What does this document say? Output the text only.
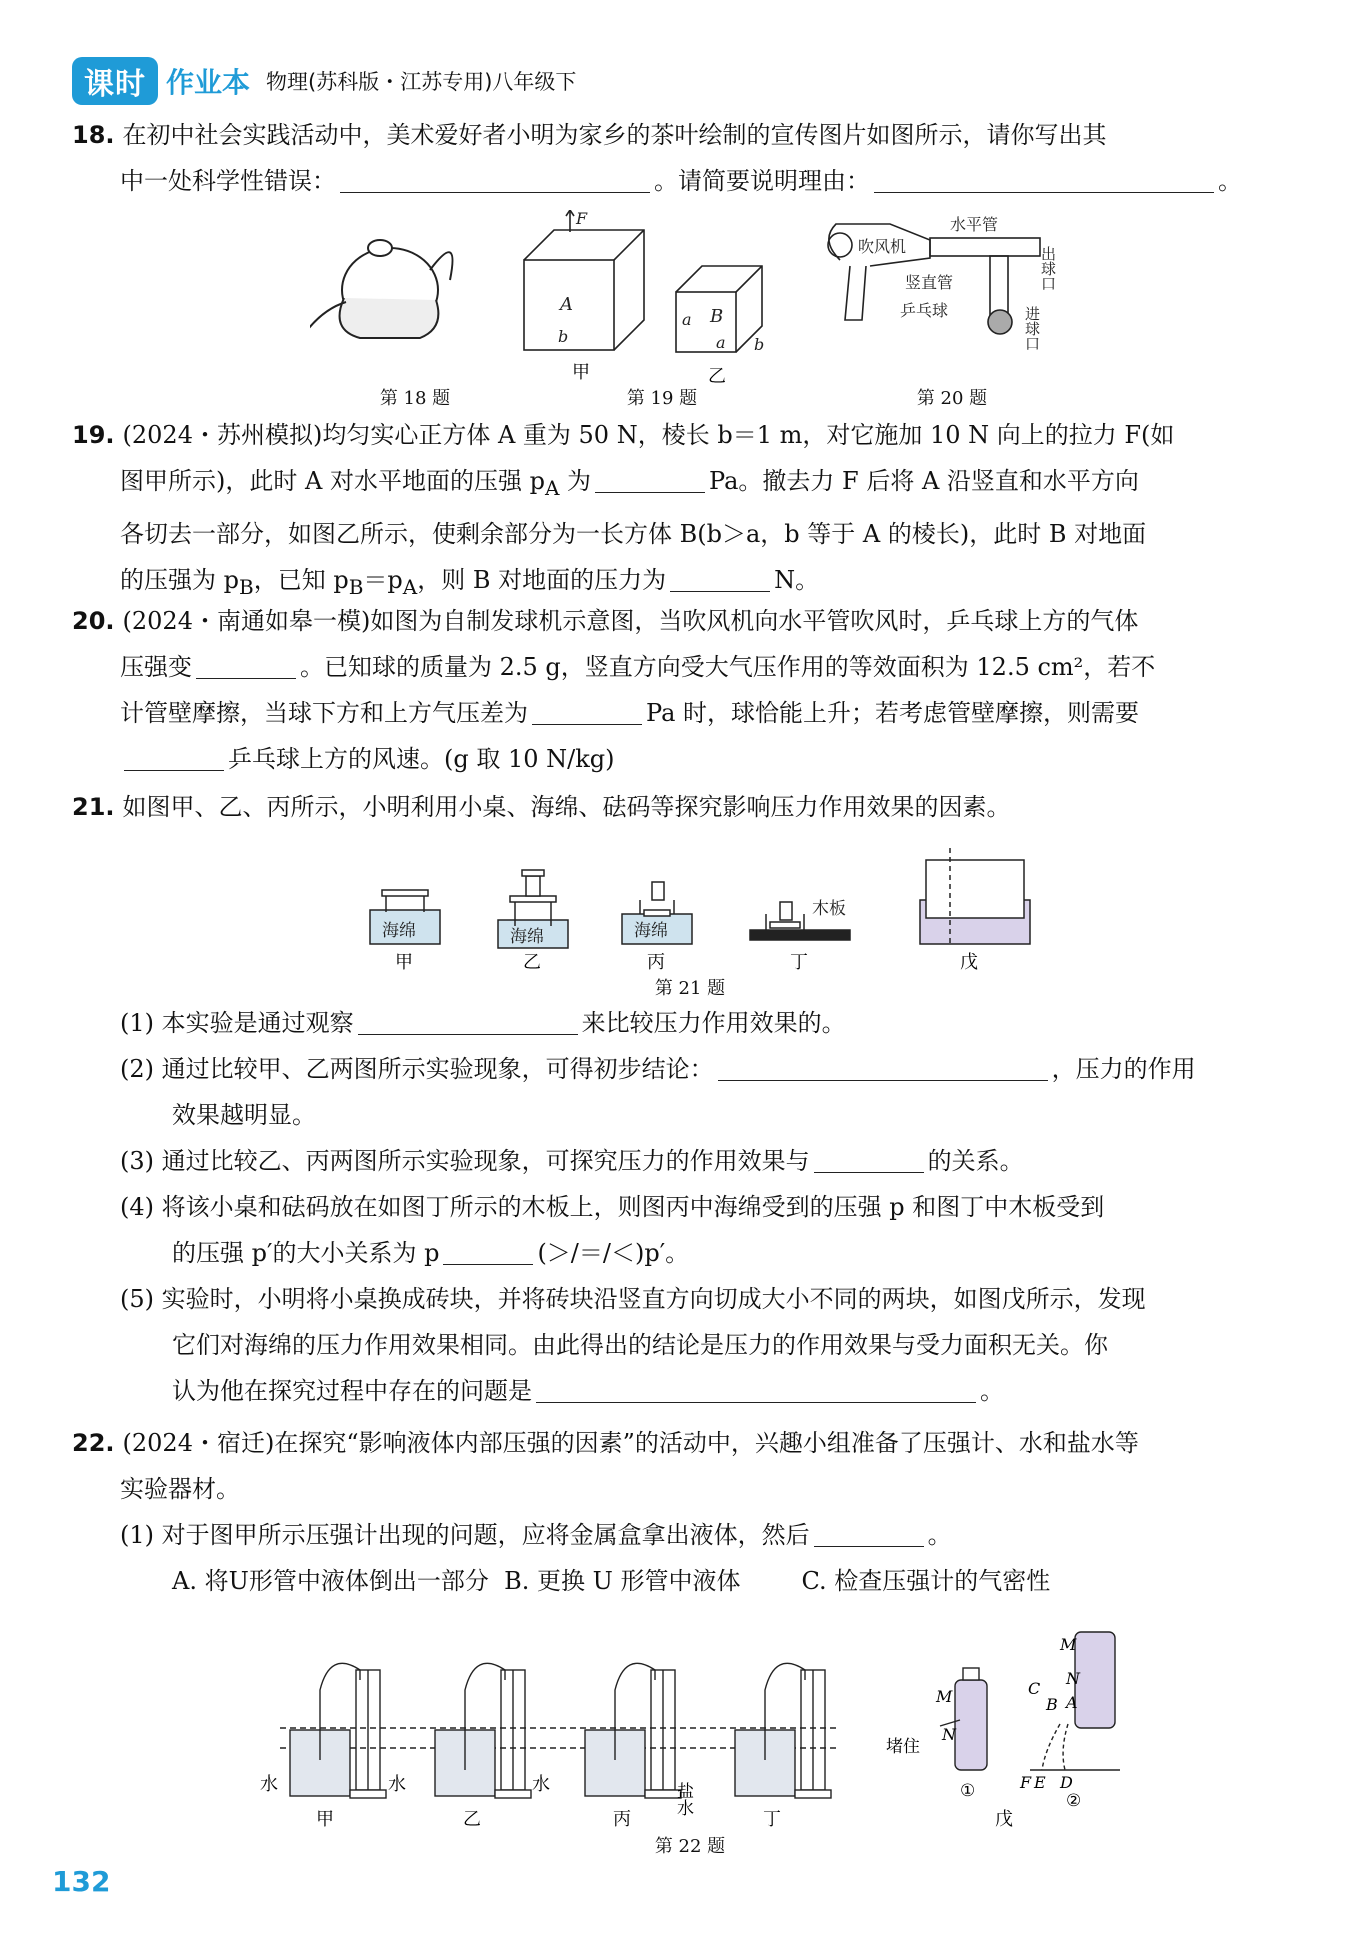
课时 作业本 物理(苏科版・江苏专用)八年级下
18. 在初中社会实践活动中，美术爱好者小明为家乡的茶叶绘制的宣传图片如图所示，请你写出其
中一处科学性错误：	。请简要说明理由：	。
F
A
b
a B
a b
甲	乙
吹风机
水平管
竖直管
乒乓球
出球口
进球口
第 18 题	第 19 题	第 20 题
19. (2024・苏州模拟)均匀实心正方体 A 重为 50 N，棱长 b＝1 m，对它施加 10 N 向上的拉力 F(如
图甲所示)，此时 A 对水平地面的压强 $p_A$ 为	Pa。撤去力 F 后将 A 沿竖直和水平方向
各切去一部分，如图乙所示，使剩余部分为一长方体 B(b＞a，b 等于 A 的棱长)，此时 B 对地面
的压强为 $p_B$，已知 $p_B=p_A$，则 B 对地面的压力为	N。
20. (2024・南通如皋一模)如图为自制发球机示意图，当吹风机向水平管吹风时，乒乓球上方的气体
压强变	。已知球的质量为 2.5 g，竖直方向受大气压作用的等效面积为 12.5 cm²，若不
计管壁摩擦，当球下方和上方气压差为	Pa 时，球恰能上升；若考虑管壁摩擦，则需要
乒乓球上方的风速。(g 取 10 N/kg)
21. 如图甲、乙、丙所示，小明利用小桌、海绵、砝码等探究影响压力作用效果的因素。
海绵	海绵	海绵
木板
甲	乙	丙	丁	戊
第 21 题
(1) 本实验是通过观察	来比较压力作用效果的。
(2) 通过比较甲、乙两图所示实验现象，可得初步结论：	，压力的作用
效果越明显。
(3) 通过比较乙、丙两图所示实验现象，可探究压力的作用效果与	的关系。
(4) 将该小桌和砝码放在如图丁所示的木板上，则图丙中海绵受到的压强 p 和图丁中木板受到
的压强 p′的大小关系为 p	(＞/＝/＜)p′。
(5) 实验时，小明将小桌换成砖块，并将砖块沿竖直方向切成大小不同的两块，如图戊所示，发现
它们对海绵的压力作用效果相同。由此得出的结论是压力的作用效果与受力面积无关。你
认为他在探究过程中存在的问题是	。
22. (2024・宿迁)在探究“影响液体内部压强的因素”的活动中，兴趣小组准备了压强计、水和盐水等
实验器材。
(1) 对于图甲所示压强计出现的问题，应将金属盒拿出液体，然后	。
A. 将U形管中液体倒出一部分  B. 更换 U 形管中液体        C. 检查压强计的气密性
水	水	水	盐水
甲	乙	丙	丁	戊
M
N
堵住
①
M
N
C
B A
F E D
②
第 22 题
132
